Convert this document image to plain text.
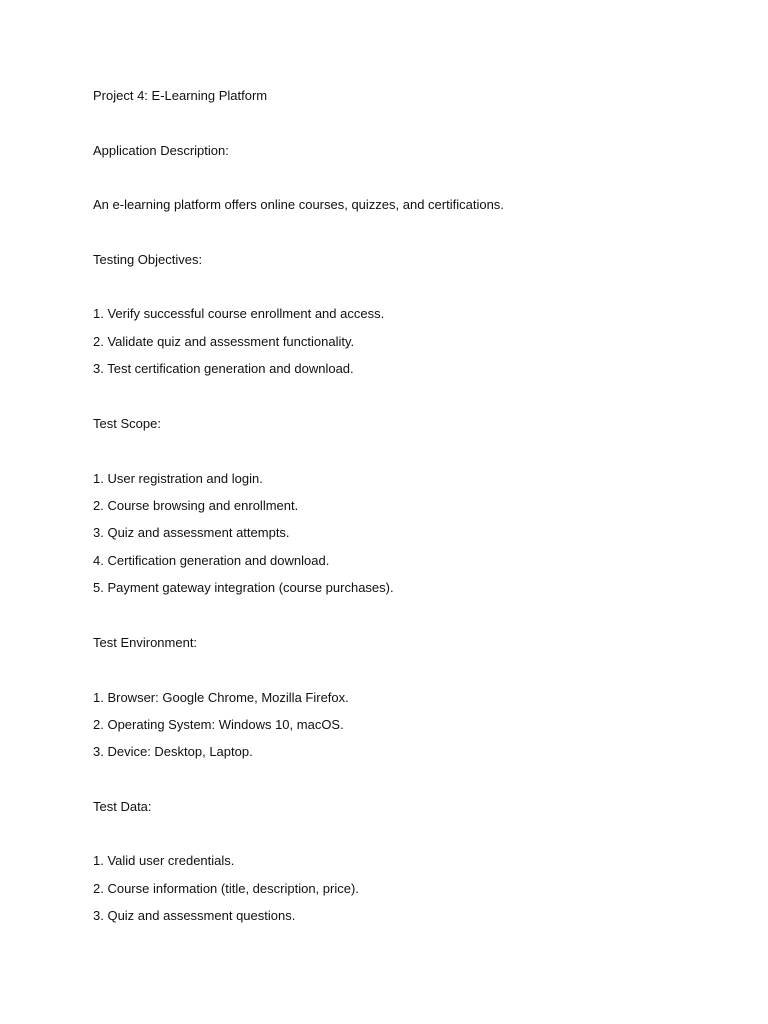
Project 4: E-Learning Platform
Application Description:
An e-learning platform offers online courses, quizzes, and certifications.
Testing Objectives:
1. Verify successful course enrollment and access.
2. Validate quiz and assessment functionality.
3. Test certification generation and download.
Test Scope:
1. User registration and login.
2. Course browsing and enrollment.
3. Quiz and assessment attempts.
4. Certification generation and download.
5. Payment gateway integration (course purchases).
Test Environment:
1. Browser: Google Chrome, Mozilla Firefox.
2. Operating System: Windows 10, macOS.
3. Device: Desktop, Laptop.
Test Data:
1. Valid user credentials.
2. Course information (title, description, price).
3. Quiz and assessment questions.
